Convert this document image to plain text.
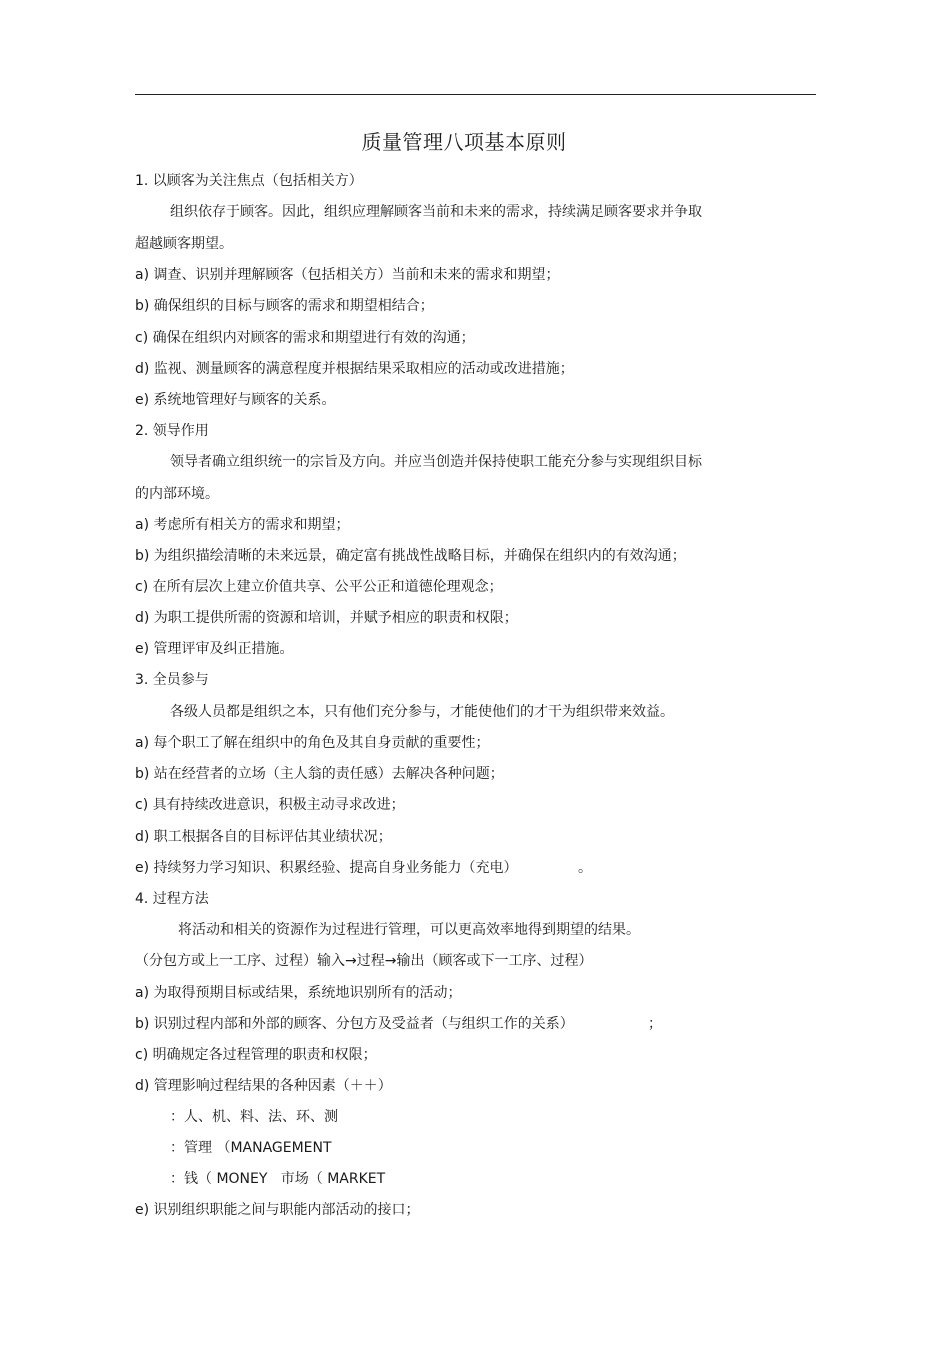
质量管理八项基本原则
1. 以顾客为关注焦点（包括相关方）
组织依存于顾客。因此，组织应理解顾客当前和未来的需求，持续满足顾客要求并争取
超越顾客期望。
a) 调查、识别并理解顾客（包括相关方）当前和未来的需求和期望；
b) 确保组织的目标与顾客的需求和期望相结合；
c) 确保在组织内对顾客的需求和期望进行有效的沟通；
d) 监视、测量顾客的满意程度并根据结果采取相应的活动或改进措施；
e) 系统地管理好与顾客的关系。
2. 领导作用
领导者确立组织统一的宗旨及方向。并应当创造并保持使职工能充分参与实现组织目标
的内部环境。
a) 考虑所有相关方的需求和期望；
b) 为组织描绘清晰的未来远景，确定富有挑战性战略目标，并确保在组织内的有效沟通；
c) 在所有层次上建立价值共享、公平公正和道德伦理观念；
d) 为职工提供所需的资源和培训，并赋予相应的职责和权限；
e) 管理评审及纠正措施。
3. 全员参与
各级人员都是组织之本，只有他们充分参与，才能使他们的才干为组织带来效益。
a) 每个职工了解在组织中的角色及其自身贡献的重要性；
b) 站在经营者的立场（主人翁的责任感）去解决各种问题；
c) 具有持续改进意识，积极主动寻求改进；
d) 职工根据各自的目标评估其业绩状况；
e) 持续努力学习知识、积累经验、提高自身业务能力（充电）	。
4. 过程方法
将活动和相关的资源作为过程进行管理，可以更高效率地得到期望的结果。
（分包方或上一工序、过程）输入→过程→输出（顾客或下一工序、过程）
a) 为取得预期目标或结果，系统地识别所有的活动；
b) 识别过程内部和外部的顾客、分包方及受益者（与组织工作的关系）	；
c) 明确规定各过程管理的职责和权限；
d) 管理影响过程结果的各种因素（＋＋）
：人、机、料、法、环、测
：管理 （MANAGEMENT
：钱（ MONEY   市场（ MARKET
e) 识别组织职能之间与职能内部活动的接口；
